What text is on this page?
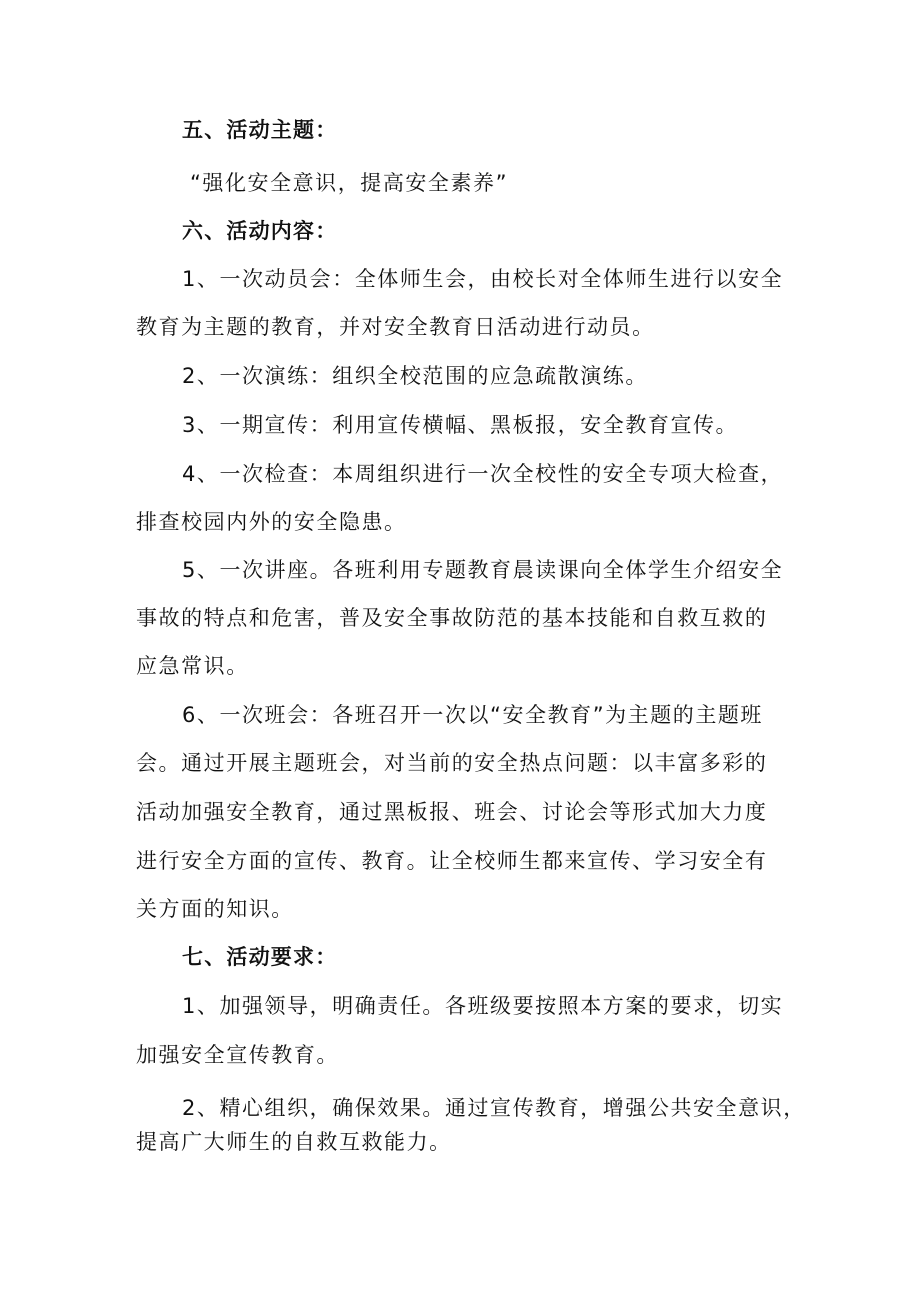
五、活动主题：
“强化安全意识，提高安全素养”
六、活动内容：
1、一次动员会：全体师生会，由校长对全体师生进行以安全
教育为主题的教育，并对安全教育日活动进行动员。
2、一次演练：组织全校范围的应急疏散演练。
3、一期宣传：利用宣传横幅、黑板报，安全教育宣传。
4、一次检查：本周组织进行一次全校性的安全专项大检查，
排查校园内外的安全隐患。
5、一次讲座。各班利用专题教育晨读课向全体学生介绍安全
事故的特点和危害，普及安全事故防范的基本技能和自救互救的
应急常识。
6、一次班会：各班召开一次以“安全教育”为主题的主题班
会。通过开展主题班会，对当前的安全热点问题：以丰富多彩的
活动加强安全教育，通过黑板报、班会、讨论会等形式加大力度
进行安全方面的宣传、教育。让全校师生都来宣传、学习安全有
关方面的知识。
七、活动要求：
1、加强领导，明确责任。各班级要按照本方案的要求，切实
加强安全宣传教育。
2、精心组织，确保效果。通过宣传教育，增强公共安全意识，
提高广大师生的自救互救能力。
